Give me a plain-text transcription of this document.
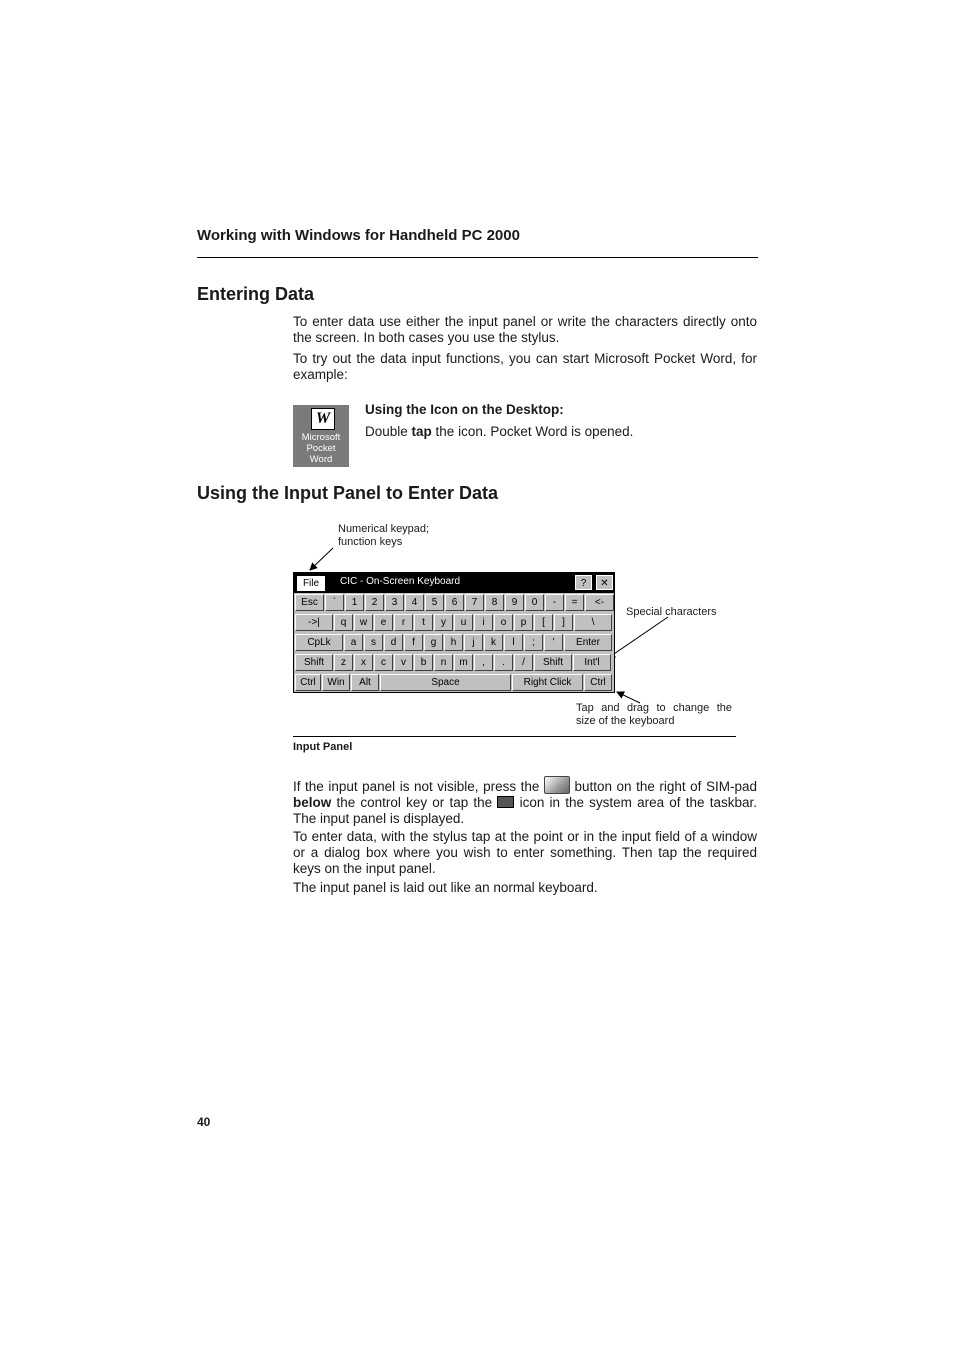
Working with Windows for Handheld PC 2000
Entering Data
To enter data use either the input panel or write the characters directly onto the screen. In both cases you use the stylus.
To try out the data input functions, you can start Microsoft Pocket Word, for example:
W
Microsoft
Pocket
Word
Using the Icon on the Desktop:
Double tap the icon. Pocket Word is opened.
Using the Input Panel to Enter Data
Numerical keypad;
function keys
Special characters
Tap and drag to change the
size of the keyboard
File	CIC - On-Screen Keyboard	?	✕
Esc	`	1	2	3	4	5	6	7	8	9	0	-	=	<-
->|	q	w	e	r	t	y	u	i	o	p	[	]	\
CpLk	a	s	d	f	g	h	j	k	l	;	'	Enter
Shift	z	x	c	v	b	n	m	,	.	/	Shift	Int'l
Ctrl	Win	Alt	Space	Right Click	Ctrl
Input Panel
If the input panel is not visible, press the	button on the right of SIM-pad below the control key or tap the icon in the system area of the taskbar. The input panel is displayed.
To enter data, with the stylus tap at the point or in the input field of a window or a dialog box where you wish to enter something. Then tap the required keys on the input panel.
The input panel is laid out like an normal keyboard.
40
